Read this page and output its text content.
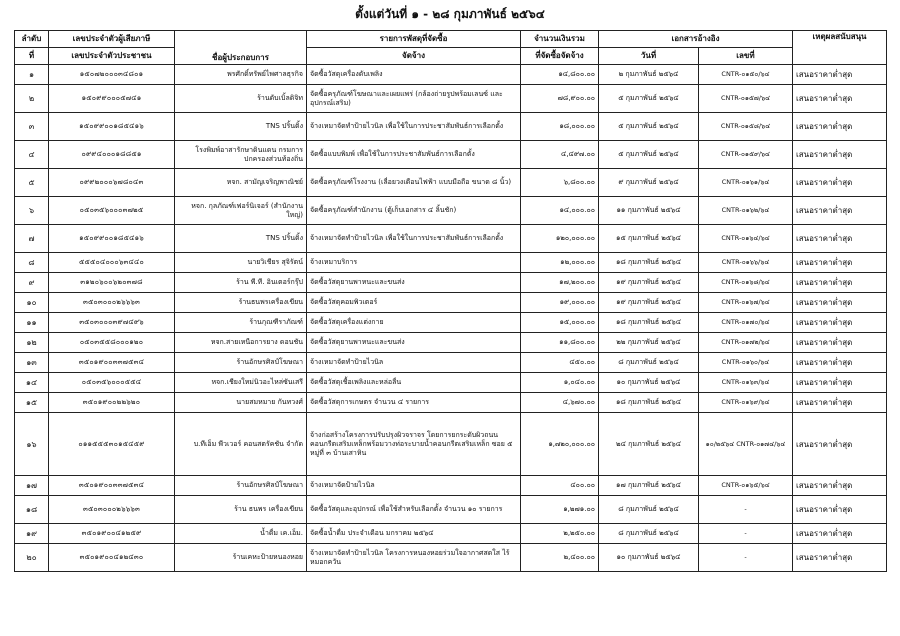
ตั้งแต่วันที่ ๑ - ๒๘ กุมภาพันธ์ ๒๕๖๔
ลำดับ	เลขประจำตัวผู้เสียภาษี	ชื่อผู้ประกอบการ	รายการพัสดุที่จัดซื้อ	จำนวนเงินรวม	เอกสารอ้างอิง		เหตุผลสนับสนุน
ที่	เลขประจำตัวประชาชน		จัดจ้าง	ที่จัดซื้อจัดจ้าง	วันที่	เลขที่	
๑	๑๕๐๗๒๐๐๐๓๔๘๐๑	พรศักดิ์ทรัพย์ไพศาลธุรกิจ	จัดซื้อวัสดุเครื่องดับเพลิง	๑๔,๘๐๐.๐๐	๒ กุมภาพันธ์ ๒๕๖๔	CNTR-๐๑๕๐/๖๔	เสนอราคาต่ำสุด
๒	๑๕๐๙๙๐๐๐๕๗๔๑	ร้านดับเบิ้ลดิจิท	จัดซื้อครุภัณฑ์โฆษณาและเผยแพร่ (กล้องถ่ายรูปพร้อมเลนซ์ และอุปกรณ์เสริม)	๗๘,๙๐๐.๐๐	๕ กุมภาพันธ์ ๒๕๖๔	CNTR-๐๑๕๗/๖๔	เสนอราคาต่ำสุด
๓	๑๕๐๙๙๐๐๑๘๕๔๑๖	TNS ปริ้นติ้ง	จ้างเหมาจัดทำป้ายไวนิล เพื่อใช้ในการประชาสัมพันธ์การเลือกตั้ง	๑๘,๐๐๐.๐๐	๕ กุมภาพันธ์ ๒๕๖๔	CNTR-๐๑๕๘/๖๔	เสนอราคาต่ำสุด
๔	๐๙๙๔๐๐๐๑๘๘๕๑	โรงพิมพ์อาสารักษาดินแดน กรมการปกครองส่วนท้องถิ่น	จัดซื้อแบบพิมพ์ เพื่อใช้ในการประชาสัมพันธ์การเลือกตั้ง	๔,๔๙๗.๐๐	๕ กุมภาพันธ์ ๒๕๖๔	CNTR-๐๑๕๙/๖๔	เสนอราคาต่ำสุด
๕	๐๙๙๒๐๐๐๖๗๘๐๔๓	หจก. สามัญเจริญพาณิชย์	จัดซื้อครุภัณฑ์โรงงาน (เลื่อยวงเดือนไฟฟ้า แบบมือถือ ขนาด ๘ นิ้ว)	๖,๘๐๐.๐๐	๙ กุมภาพันธ์ ๒๕๖๔	CNTR-๐๑๖๑/๖๔	เสนอราคาต่ำสุด
๖	๐๕๐๓๕๖๐๐๐๓๗๒๕	หจก. กุลภัณฑ์เฟอร์นิเจอร์ (สำนักงานใหญ่)	จัดซื้อครุภัณฑ์สำนักงาน (ตู้เก็บเอกสาร ๔ ลิ้นชัก)	๑๔,๐๐๐.๐๐	๑๑ กุมภาพันธ์ ๒๕๖๔	CNTR-๐๑๖๒/๖๔	เสนอราคาต่ำสุด
๗	๑๕๐๙๙๐๐๑๘๕๔๑๖	TNS ปริ้นติ้ง	จ้างเหมาจัดทำป้ายไวนิล เพื่อใช้ในการประชาสัมพันธ์การเลือกตั้ง	๑๒๐,๐๐๐.๐๐	๑๕ กุมภาพันธ์ ๒๕๖๔	CNTR-๐๑๖๔/๖๔	เสนอราคาต่ำสุด
๘	๕๕๕๐๔๐๐๐๖๓๔๔๐	นายวิเชียร สุจิรัตน์	จ้างเหมาบริการ	๑๒,๐๐๐.๐๐	๑๘ กุมภาพันธ์ ๒๕๖๔	CNTR-๐๑๖๖/๖๔	เสนอราคาต่ำสุด
๙	๓๑๒๐๖๐๐๖๒๐๓๗๘	ร้าน พี.ที. อินเตอร์กรุ๊ป	จัดซื้อวัสดุยานพาหนะและขนส่ง	๑๗,๒๐๐.๐๐	๑๙ กุมภาพันธ์ ๒๕๖๔	CNTR-๐๑๖๘/๖๔	เสนอราคาต่ำสุด
๑๐	๓๕๐๓๐๐๐๒๖๖๖๓	ร้านธนพรเครื่องเขียน	จัดซื้อวัสดุคอมพิวเตอร์	๑๙,๐๐๐.๐๐	๑๙ กุมภาพันธ์ ๒๕๖๔	CNTR-๐๑๖๗/๖๔	เสนอราคาต่ำสุด
๑๑	๓๕๐๓๐๐๐๓๙๗๔๙๖	ร้านกุณฑีราภัณฑ์	จัดซื้อวัสดุเครื่องแต่งกาย	๑๕,๐๐๐.๐๐	๑๘ กุมภาพันธ์ ๒๕๖๔	CNTR-๐๑๗๐/๖๔	เสนอราคาต่ำสุด
๑๒	๐๕๐๓๕๕๘๐๐๐๑๒๐	หจก.สายเหนือการยาง ดอนชัน	จัดซื้อวัสดุยานพาหนะและขนส่ง	๑๑,๘๐๐.๐๐	๒๒ กุมภาพันธ์ ๒๕๖๔	CNTR-๐๑๗๒/๖๔	เสนอราคาต่ำสุด
๑๓	๓๕๐๑๙๐๐๓๓๗๕๓๔	ร้านอักษรศิลป์โฆษณา	จ้างเหมาจัดทำป้ายไวนิล	๔๕๐.๐๐	๘ กุมภาพันธ์ ๒๕๖๔	CNTR-๐๑๖๐/๖๔	เสนอราคาต่ำสุด
๑๔	๐๕๐๓๕๖๐๐๐๕๕๔	หจก.เชียงใหม่นิวอะไหล่ซันเสรี	จัดซื้อวัสดุเชื้อเพลิงและหล่อลื่น	๑,๐๔๐.๐๐	๑๐ กุมภาพันธ์ ๒๕๖๔	CNTR-๐๑๖๓/๖๔	เสนอราคาต่ำสุด
๑๕	๓๕๐๑๙๐๐๒๒๖๒๐	นายสมหมาย กันทวงศ์	จัดซื้อวัสดุการเกษตร จำนวน ๔ รายการ	๔,๖๗๐.๐๐	๑๘ กุมภาพันธ์ ๒๕๖๔	CNTR-๐๑๖๙/๖๔	เสนอราคาต่ำสุด
๑๖	๐๑๑๕๕๕๓๐๑๕๔๕๙	บ.ทีเอ็ม พีวเวอร์ คอนสตรัคชัน จำกัด	จ้างก่อสร้างโครงการปรับปรุงผิวจราจร โดยการยกระดับผิวถนนคอนกรีตเสริมเหล็กพร้อมวางท่อระบายน้ำคอนกรีตเสริมเหล็ก ซอย ๕ หมู่ที่ ๓ บ้านเสาหิน	๑,๗๒๐,๐๐๐.๐๐	๒๔ กุมภาพันธ์ ๒๕๖๔	๑๐/๒๕๖๔ CNTR-๐๑๗๔/๖๔	เสนอราคาต่ำสุด
๑๗	๓๕๐๑๙๐๐๓๓๗๕๓๔	ร้านอักษรศิลป์โฆษณา	จ้างเหมาจัดป้ายไวนิล	๔๐๐.๐๐	๑๗ กุมภาพันธ์ ๒๕๖๔	CNTR-๐๑๖๕/๖๔	เสนอราคาต่ำสุด
๑๘	๓๕๐๓๐๐๐๒๖๖๖๓	ร้าน ธนพร เครื่องเขียน	จัดซื้อวัสดุและอุปกรณ์ เพื่อใช้สำหรับเลือกตั้ง จำนวน ๑๐ รายการ	๑,๒๗๑.๐๐	๘ กุมภาพันธ์ ๒๕๖๔	-	เสนอราคาต่ำสุด
๑๙	๓๕๐๑๙๐๐๔๑๒๕๙	น้ำดื่ม เค.เอ็ม.	จัดซื้อน้ำดื่ม ประจำเดือน มกราคม ๒๕๖๔	๒,๒๕๐.๐๐	๘ กุมภาพันธ์ ๒๕๖๔	-	เสนอราคาต่ำสุด
๒๐	๓๕๐๑๙๐๐๔๑๒๔๓๐	ร้านเคหะป้ายหนองหอย	จ้างเหมาจัดทำป้ายไวนิล โครงการหนองหอยร่วมใจอากาศสดใส ไร้หมอกควัน	๒,๔๐๐.๐๐	๑๐ กุมภาพันธ์ ๒๕๖๔	-	เสนอราคาต่ำสุด
